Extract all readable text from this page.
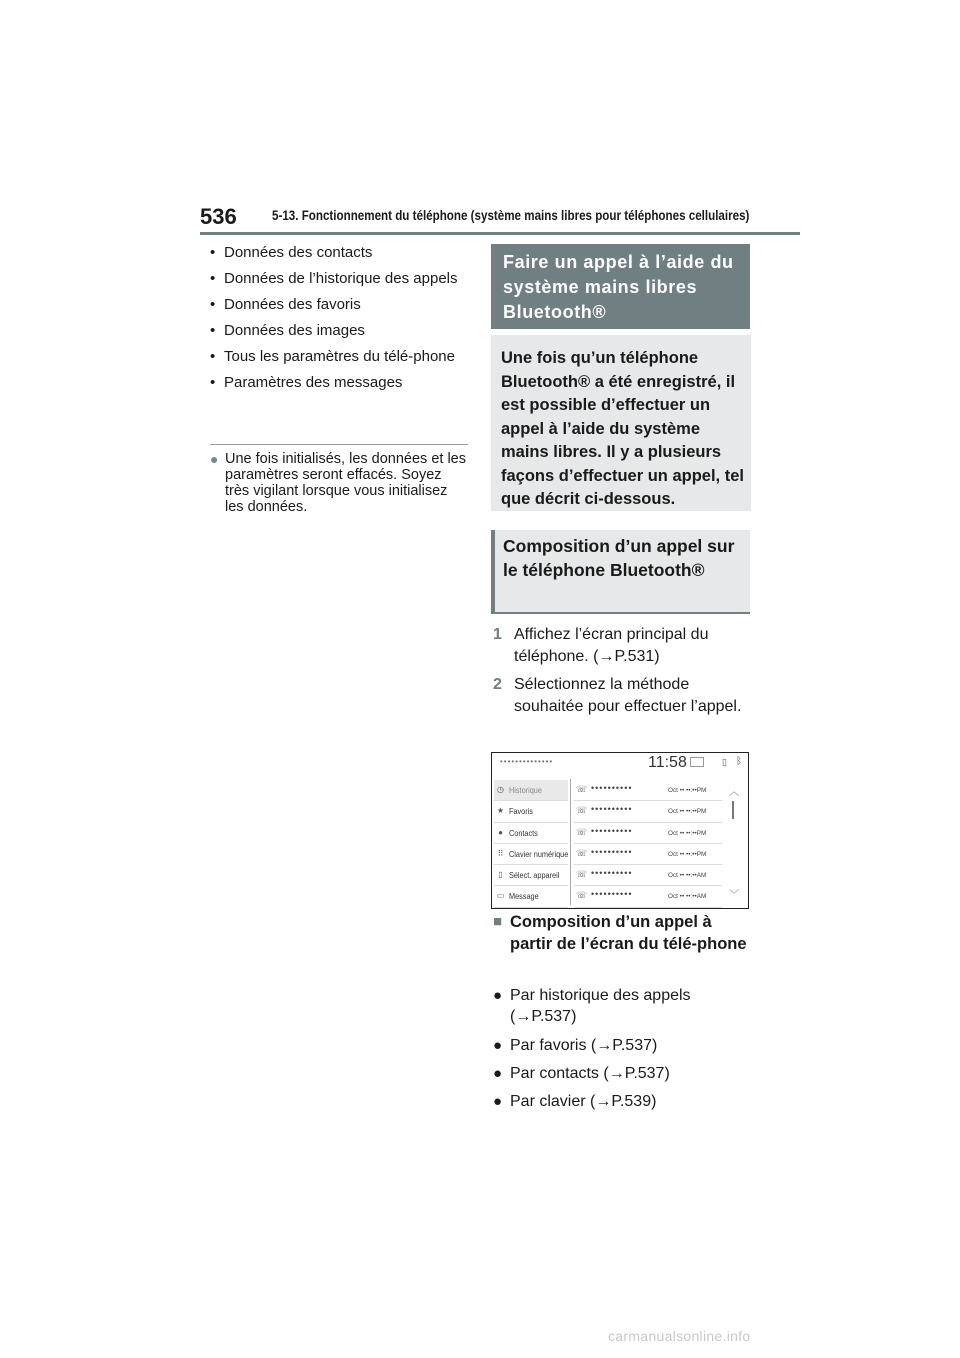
536	5-13. Fonctionnement du téléphone (système mains libres pour téléphones cellulaires)
• Données des contacts
• Données de l’historique des appels
• Données des favoris
• Données des images
• Tous les paramètres du télé-phone
• Paramètres des messages
● Une fois initialisés, les données et les paramètres seront effacés. Soyez très vigilant lorsque vous initialisez les données.
Faire un appel à l’aide du système mains libres Bluetooth®
Une fois qu’un téléphone Bluetooth® a été enregistré, il est possible d’effectuer un appel à l’aide du système mains libres. Il y a plusieurs façons d’effectuer un appel, tel que décrit ci-dessous.
Composition d’un appel sur le téléphone Bluetooth®
1 Affichez l’écran principal du téléphone. (→P.531)
2 Sélectionnez la méthode souhaitée pour effectuer l’appel.
••••••••••••••	11:58	▯ ᛒ
◷ Historique
★ Favoris
● Contacts
⠿ Clavier numérique
▯ Sélect. appareil
▭ Message
☏ ••••••••••	Oct •• ••:••PM
☏ ••••••••••	Oct •• ••:••PM
☏ ••••••••••	Oct •• ••:••PM
☏ ••••••••••	Oct •• ••:••PM
☏ ••••••••••	Oct •• ••:••AM
☏ ••••••••••	Oct •• ••:••AM
︿
﹀
■ Composition d’un appel à partir de l’écran du télé-phone
● Par historique des appels (→P.537)
● Par favoris (→P.537)
● Par contacts (→P.537)
● Par clavier (→P.539)
carmanualsonline.info
